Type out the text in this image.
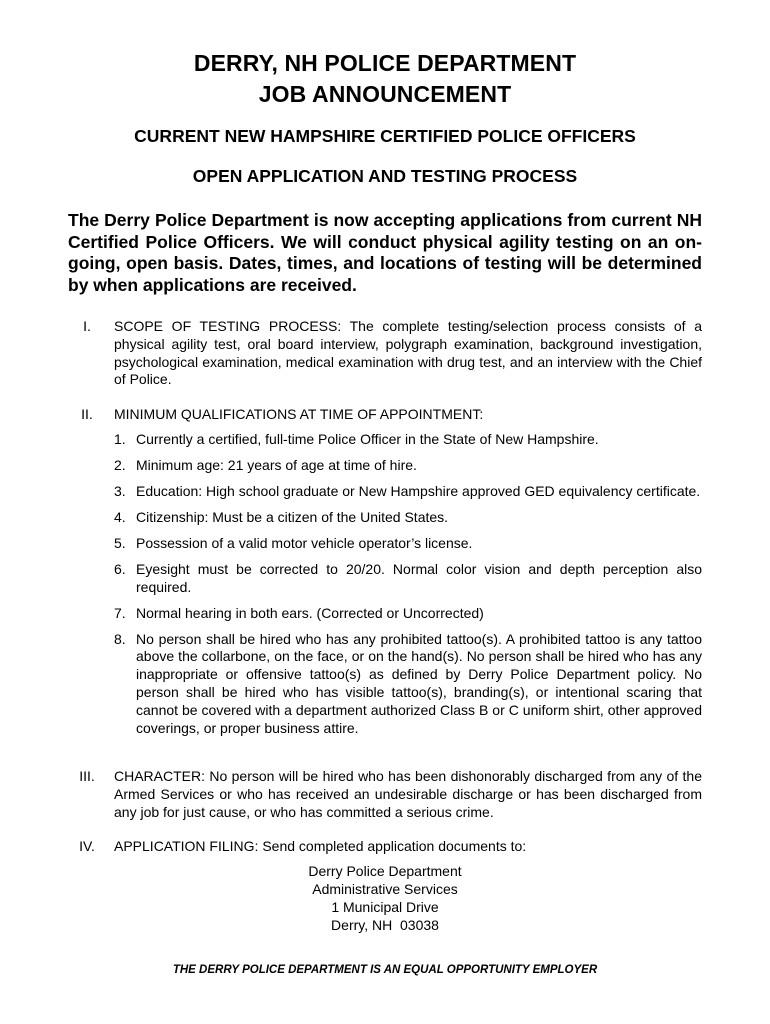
DERRY, NH POLICE DEPARTMENT
JOB ANNOUNCEMENT
CURRENT NEW HAMPSHIRE CERTIFIED POLICE OFFICERS
OPEN APPLICATION AND TESTING PROCESS
The Derry Police Department is now accepting applications from current NH Certified Police Officers. We will conduct physical agility testing on an on-going, open basis. Dates, times, and locations of testing will be determined by when applications are received.
I.	SCOPE OF TESTING PROCESS: The complete testing/selection process consists of a physical agility test, oral board interview, polygraph examination, background investigation, psychological examination, medical examination with drug test, and an interview with the Chief of Police.
II.	MINIMUM QUALIFICATIONS AT TIME OF APPOINTMENT:
1. Currently a certified, full-time Police Officer in the State of New Hampshire.
2. Minimum age: 21 years of age at time of hire.
3. Education: High school graduate or New Hampshire approved GED equivalency certificate.
4. Citizenship: Must be a citizen of the United States.
5. Possession of a valid motor vehicle operator’s license.
6. Eyesight must be corrected to 20/20. Normal color vision and depth perception also required.
7. Normal hearing in both ears. (Corrected or Uncorrected)
8. No person shall be hired who has any prohibited tattoo(s). A prohibited tattoo is any tattoo above the collarbone, on the face, or on the hand(s). No person shall be hired who has any inappropriate or offensive tattoo(s) as defined by Derry Police Department policy. No person shall be hired who has visible tattoo(s), branding(s), or intentional scaring that cannot be covered with a department authorized Class B or C uniform shirt, other approved coverings, or proper business attire.
III.	CHARACTER: No person will be hired who has been dishonorably discharged from any of the Armed Services or who has received an undesirable discharge or has been discharged from any job for just cause, or who has committed a serious crime.
IV.	APPLICATION FILING: Send completed application documents to:
Derry Police Department
Administrative Services
1 Municipal Drive
Derry, NH  03038
THE DERRY POLICE DEPARTMENT IS AN EQUAL OPPORTUNITY EMPLOYER
